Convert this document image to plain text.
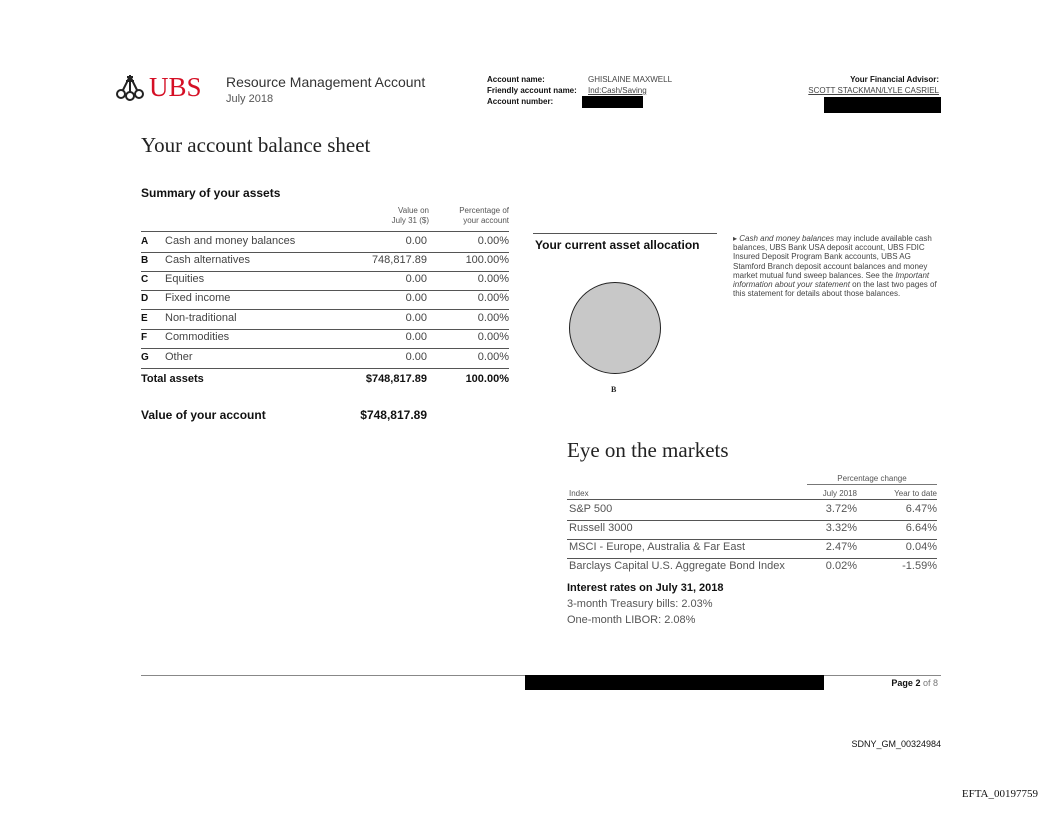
UBS Resource Management Account
July 2018
Account name:	GHISLAINE MAXWELL
Friendly account name: Ind:Cash/Saving
Account number:
Your Financial Advisor:
SCOTT STACKMAN/LYLE CASRIEL
Your account balance sheet
Summary of your assets
Value on
July 31 ($)
Percentage of
your account
A Cash and money balances	0.00	0.00%
B Cash alternatives	748,817.89	100.00%
C Equities	0.00	0.00%
D Fixed income	0.00	0.00%
E Non-traditional	0.00	0.00%
F Commodities	0.00	0.00%
G Other	0.00	0.00%
Total assets	$748,817.89	100.00%
Value of your account	$748,817.89
Your current asset allocation
B
▸ Cash and money balances may include available cash balances, UBS Bank USA deposit account, UBS FDIC Insured Deposit Program Bank accounts, UBS AG Stamford Branch deposit account balances and money market mutual fund sweep balances. See the Important information about your statement on the last two pages of this statement for details about those balances.
Eye on the markets
Percentage change
Index	July 2018	Year to date
S&P 500	3.72%	6.47%
Russell 3000	3.32%	6.64%
MSCI - Europe, Australia & Far East	2.47%	0.04%
Barclays Capital U.S. Aggregate Bond Index	0.02%	-1.59%
Interest rates on July 31, 2018
3-month Treasury bills: 2.03%
One-month LIBOR: 2.08%
Page 2 of 8
SDNY_GM_00324984
EFTA_00197759
